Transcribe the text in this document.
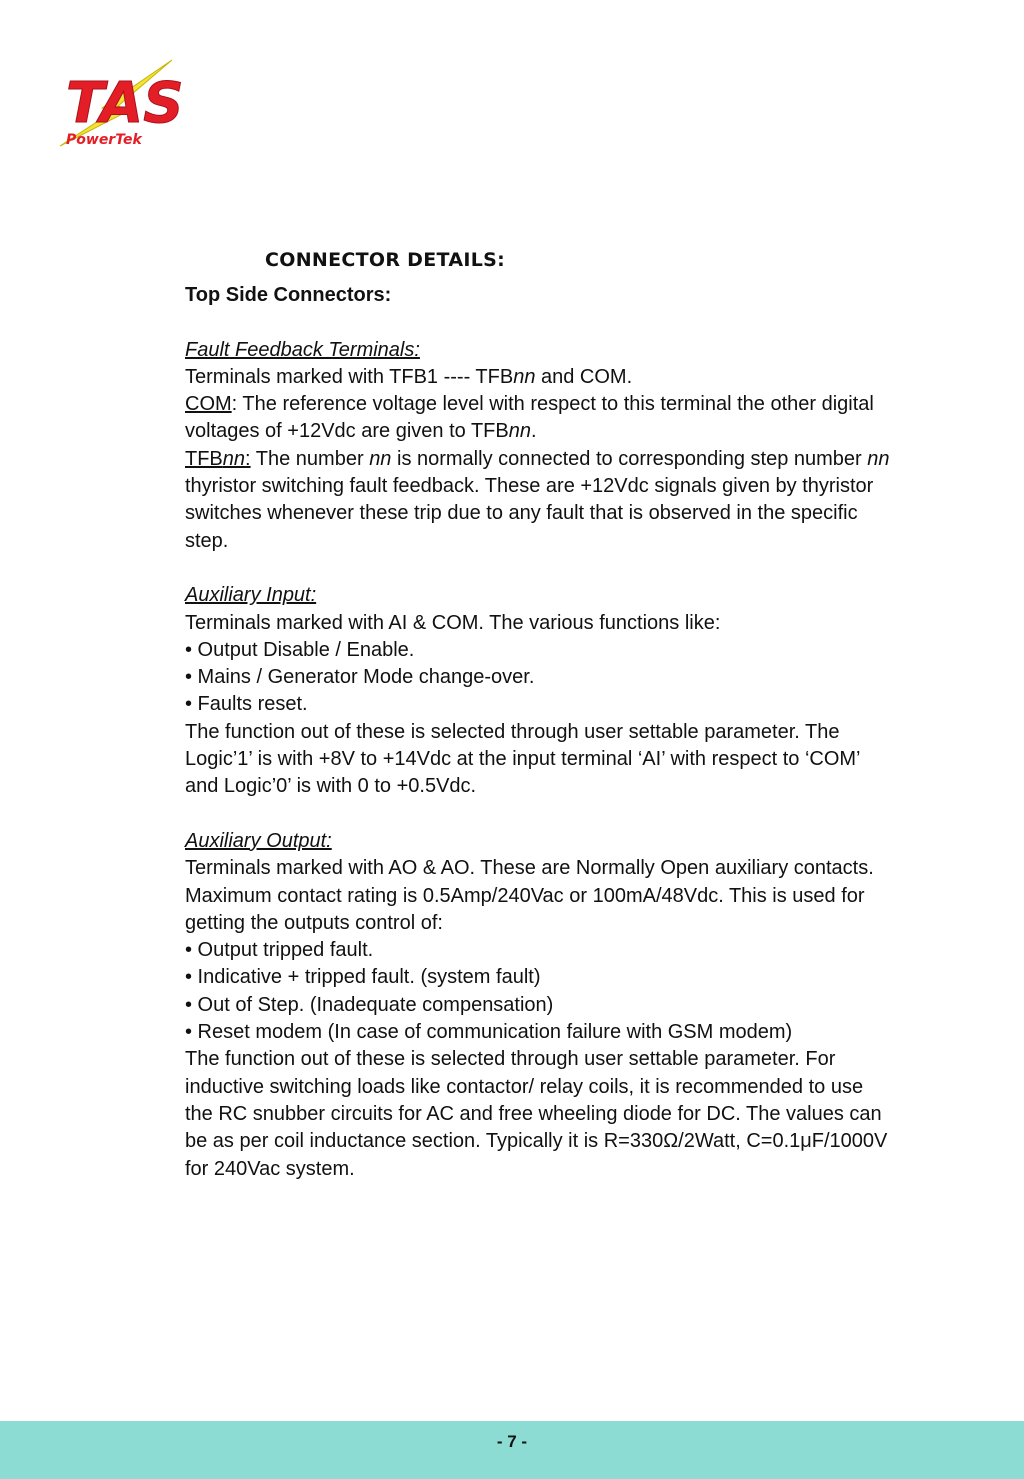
TAS
PowerTek
CONNECTOR DETAILS:

Top Side Connectors:

Fault Feedback Terminals:

Terminals marked with TFB1 ---- TFBnn and COM.

COM: The reference voltage level with respect to this terminal the other digital voltages of +12Vdc are given to TFBnn.

TFBnn: The number nn is normally connected to corresponding step number nn thyristor switching fault feedback. These are +12Vdc signals given by thyristor switches whenever these trip due to any fault that is observed in the specific step.

Auxiliary Input:

Terminals marked with AI & COM. The various functions like:

• Output Disable / Enable.

• Mains / Generator Mode change-over.

• Faults reset.

The function out of these is selected through user settable parameter. The Logic’1’ is with +8V to +14Vdc at the input terminal ‘AI’ with respect to ‘COM’ and Logic’0’ is with 0 to +0.5Vdc.

Auxiliary Output:

Terminals marked with AO & AO. These are Normally Open auxiliary contacts. Maximum contact rating is 0.5Amp/240Vac or 100mA/48Vdc. This is used for getting the outputs control of:

• Output tripped fault.

• Indicative + tripped fault. (system fault)

• Out of Step. (Inadequate compensation)

• Reset modem (In case of communication failure with GSM modem)

The function out of these is selected through user settable parameter. For inductive switching loads like contactor/ relay coils, it is recommended to use the RC snubber circuits for AC and free wheeling diode for DC. The values can be as per coil inductance section. Typically it is R=330Ω/2Watt, C=0.1μF/1000V for 240Vac system.

- 7 -
